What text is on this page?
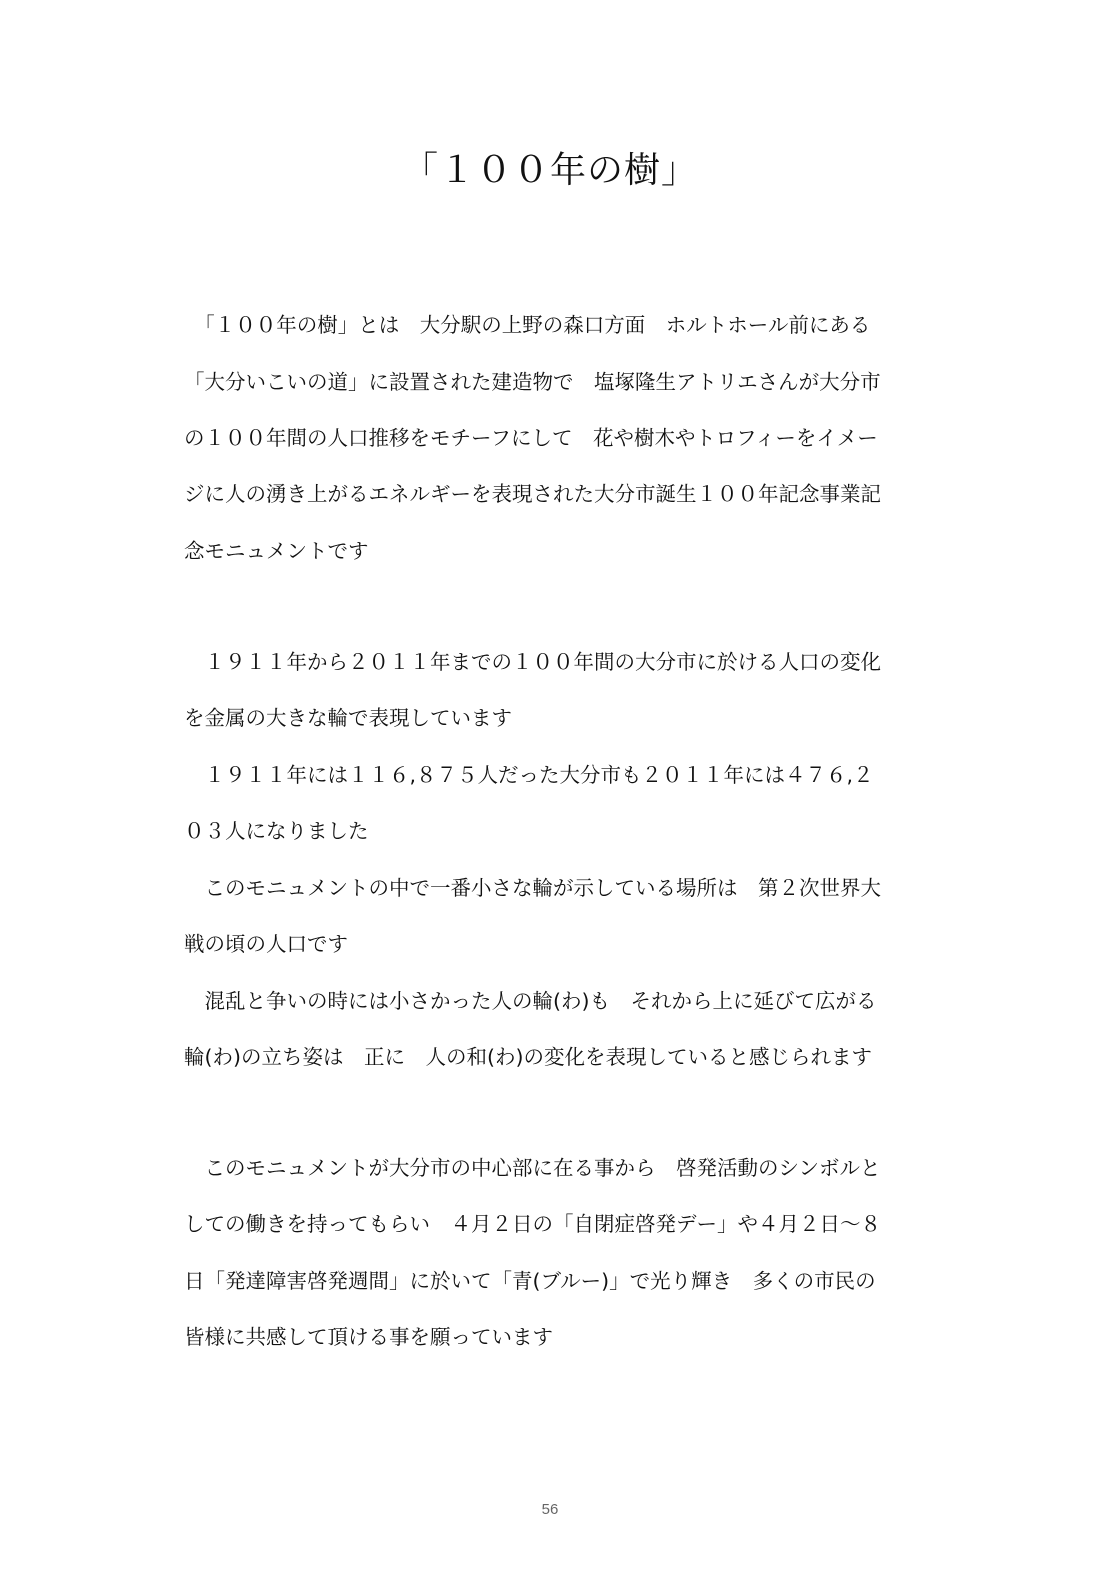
「１００年の樹」
　「１００年の樹」とは　大分駅の上野の森口方面　ホルトホール前にある
「大分いこいの道」に設置された建造物で　塩塚隆生アトリエさんが大分市
の１００年間の人口推移をモチーフにして　花や樹木やトロフィーをイメー
ジに人の湧き上がるエネルギーを表現された大分市誕生１００年記念事業記
念モニュメントです
　１９１１年から２０１１年までの１００年間の大分市に於ける人口の変化
を金属の大きな輪で表現しています
　１９１１年には１１６,８７５人だった大分市も２０１１年には４７６,２
０３人になりました
　このモニュメントの中で一番小さな輪が示している場所は　第２次世界大
戦の頃の人口です
　混乱と争いの時には小さかった人の輪(わ)も　それから上に延びて広がる
輪(わ)の立ち姿は　正に　人の和(わ)の変化を表現していると感じられます
　このモニュメントが大分市の中心部に在る事から　啓発活動のシンボルと
しての働きを持ってもらい　４月２日の「自閉症啓発デー」や４月２日～８
日「発達障害啓発週間」に於いて「青(ブルー)」で光り輝き　多くの市民の
皆様に共感して頂ける事を願っています
56
